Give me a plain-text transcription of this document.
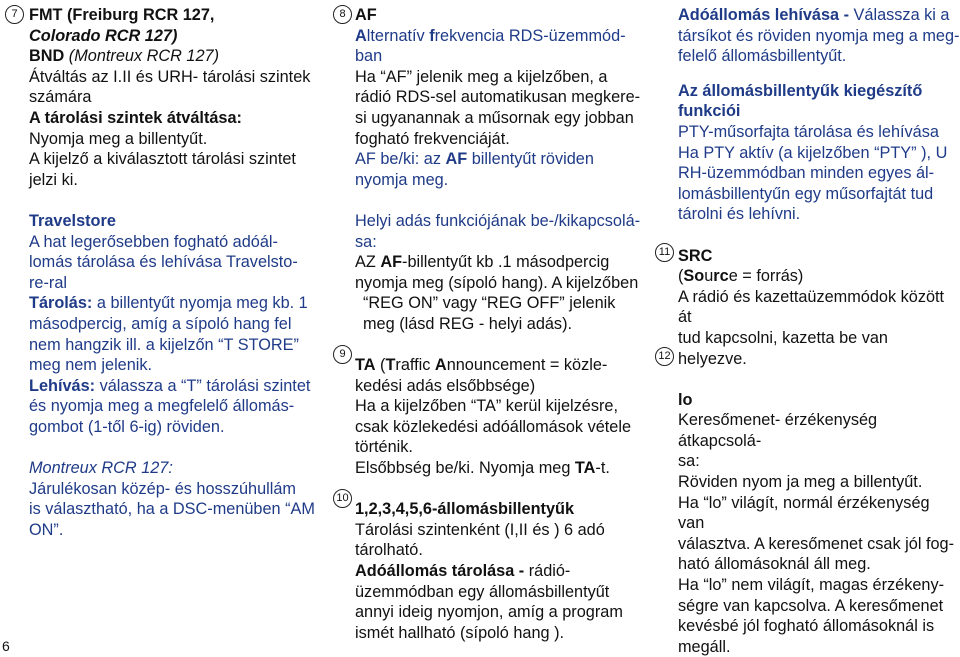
7 FMT (Freiburg RCR 127,

Colorado RCR 127)

BND (Montreux RCR 127)

Átváltás az I.II és URH- tárolási szintek

számára

A tárolási szintek átváltása:

Nyomja meg a billentyűt.

A kijelző a kiválasztott tárolási szintet

jelzi ki.

Travelstore

A hat legerősebben fogható adóál-

lomás tárolása és lehívása Travelsto-

re-ral

Tárolás: a billentyűt nyomja meg kb. 1

másodpercig, amíg a sípoló hang fel

nem hangzik ill. a kijelzőn “T STORE”

meg nem jelenik.

Lehívás: válassza a “T” tárolási szintet

és nyomja meg a megfelelő állomás-

gombot (1-től 6-ig) röviden.

Montreux RCR 127:

Járulékosan közép- és hosszúhullám

is választható, ha a DSC-menüben “AM

ON”.

8 AF

Alternatív frekvencia RDS-üzemmód-

ban

Ha “AF” jelenik meg a kijelzőben, a

rádió RDS-sel automatikusan megkere-

si ugyanannak a műsornak egy jobban

fogható frekvenciáját.

AF be/ki: az AF billentyűt röviden

nyomja meg.

Helyi adás funkciójának be-/kikapcsolá-

sa:

AZ AF-billentyűt kb .1 másodpercig

nyomja meg (sípoló hang). A kijelzőben

“REG ON” vagy “REG OFF” jelenik

meg (lásd REG - helyi adás).

TA (Traffic Announcement = közle-

kedési adás elsőbbsége)

Ha a kijelzőben “TA” kerül kijelzésre,

csak közlekedési adóállomások vétele

történik.

Elsőbbség be/ki. Nyomja meg TA-t.

1,2,3,4,5,6-állomásbillentyűk

Tárolási szintenként (I,II és ) 6 adó

tárolható.

Adóállomás tárolása - rádió-

üzemmódban egy állomásbillentyűt

annyi ideig nyomjon, amíg a program

ismét hallható (sípoló hang ).

9
10

Adóállomás lehívása - Válassza ki a

társíkot és röviden nyomja meg a meg-

felelő állomásbillentyűt.

Az állomásbillentyűk kiegészítő

funkciói

PTY-műsorfajta tárolása és lehívása

Ha PTY aktív (a kijelzőben “PTY” ), U

RH-üzemmódban minden egyes ál-

lomásbillentyűn egy műsorfajtát tud

tárolni és lehívni.

SRC

(Source = forrás)

A rádió és kazettaüzemmódok között át

tud kapcsolni, kazetta be van helyezve.

lo

Keresőmenet- érzékenység átkapcsolá-

sa:

Röviden nyom ja meg a billentyűt.

Ha “lo” világít, normál érzékenység van

választva. A keresőmenet csak jól fog-

ható állomásoknál áll meg.

Ha “lo” nem világít, magas érzékeny-

ségre van kapcsolva. A keresőmenet

kevésbé jól fogható állomásoknál is

megáll.

11
12
6
